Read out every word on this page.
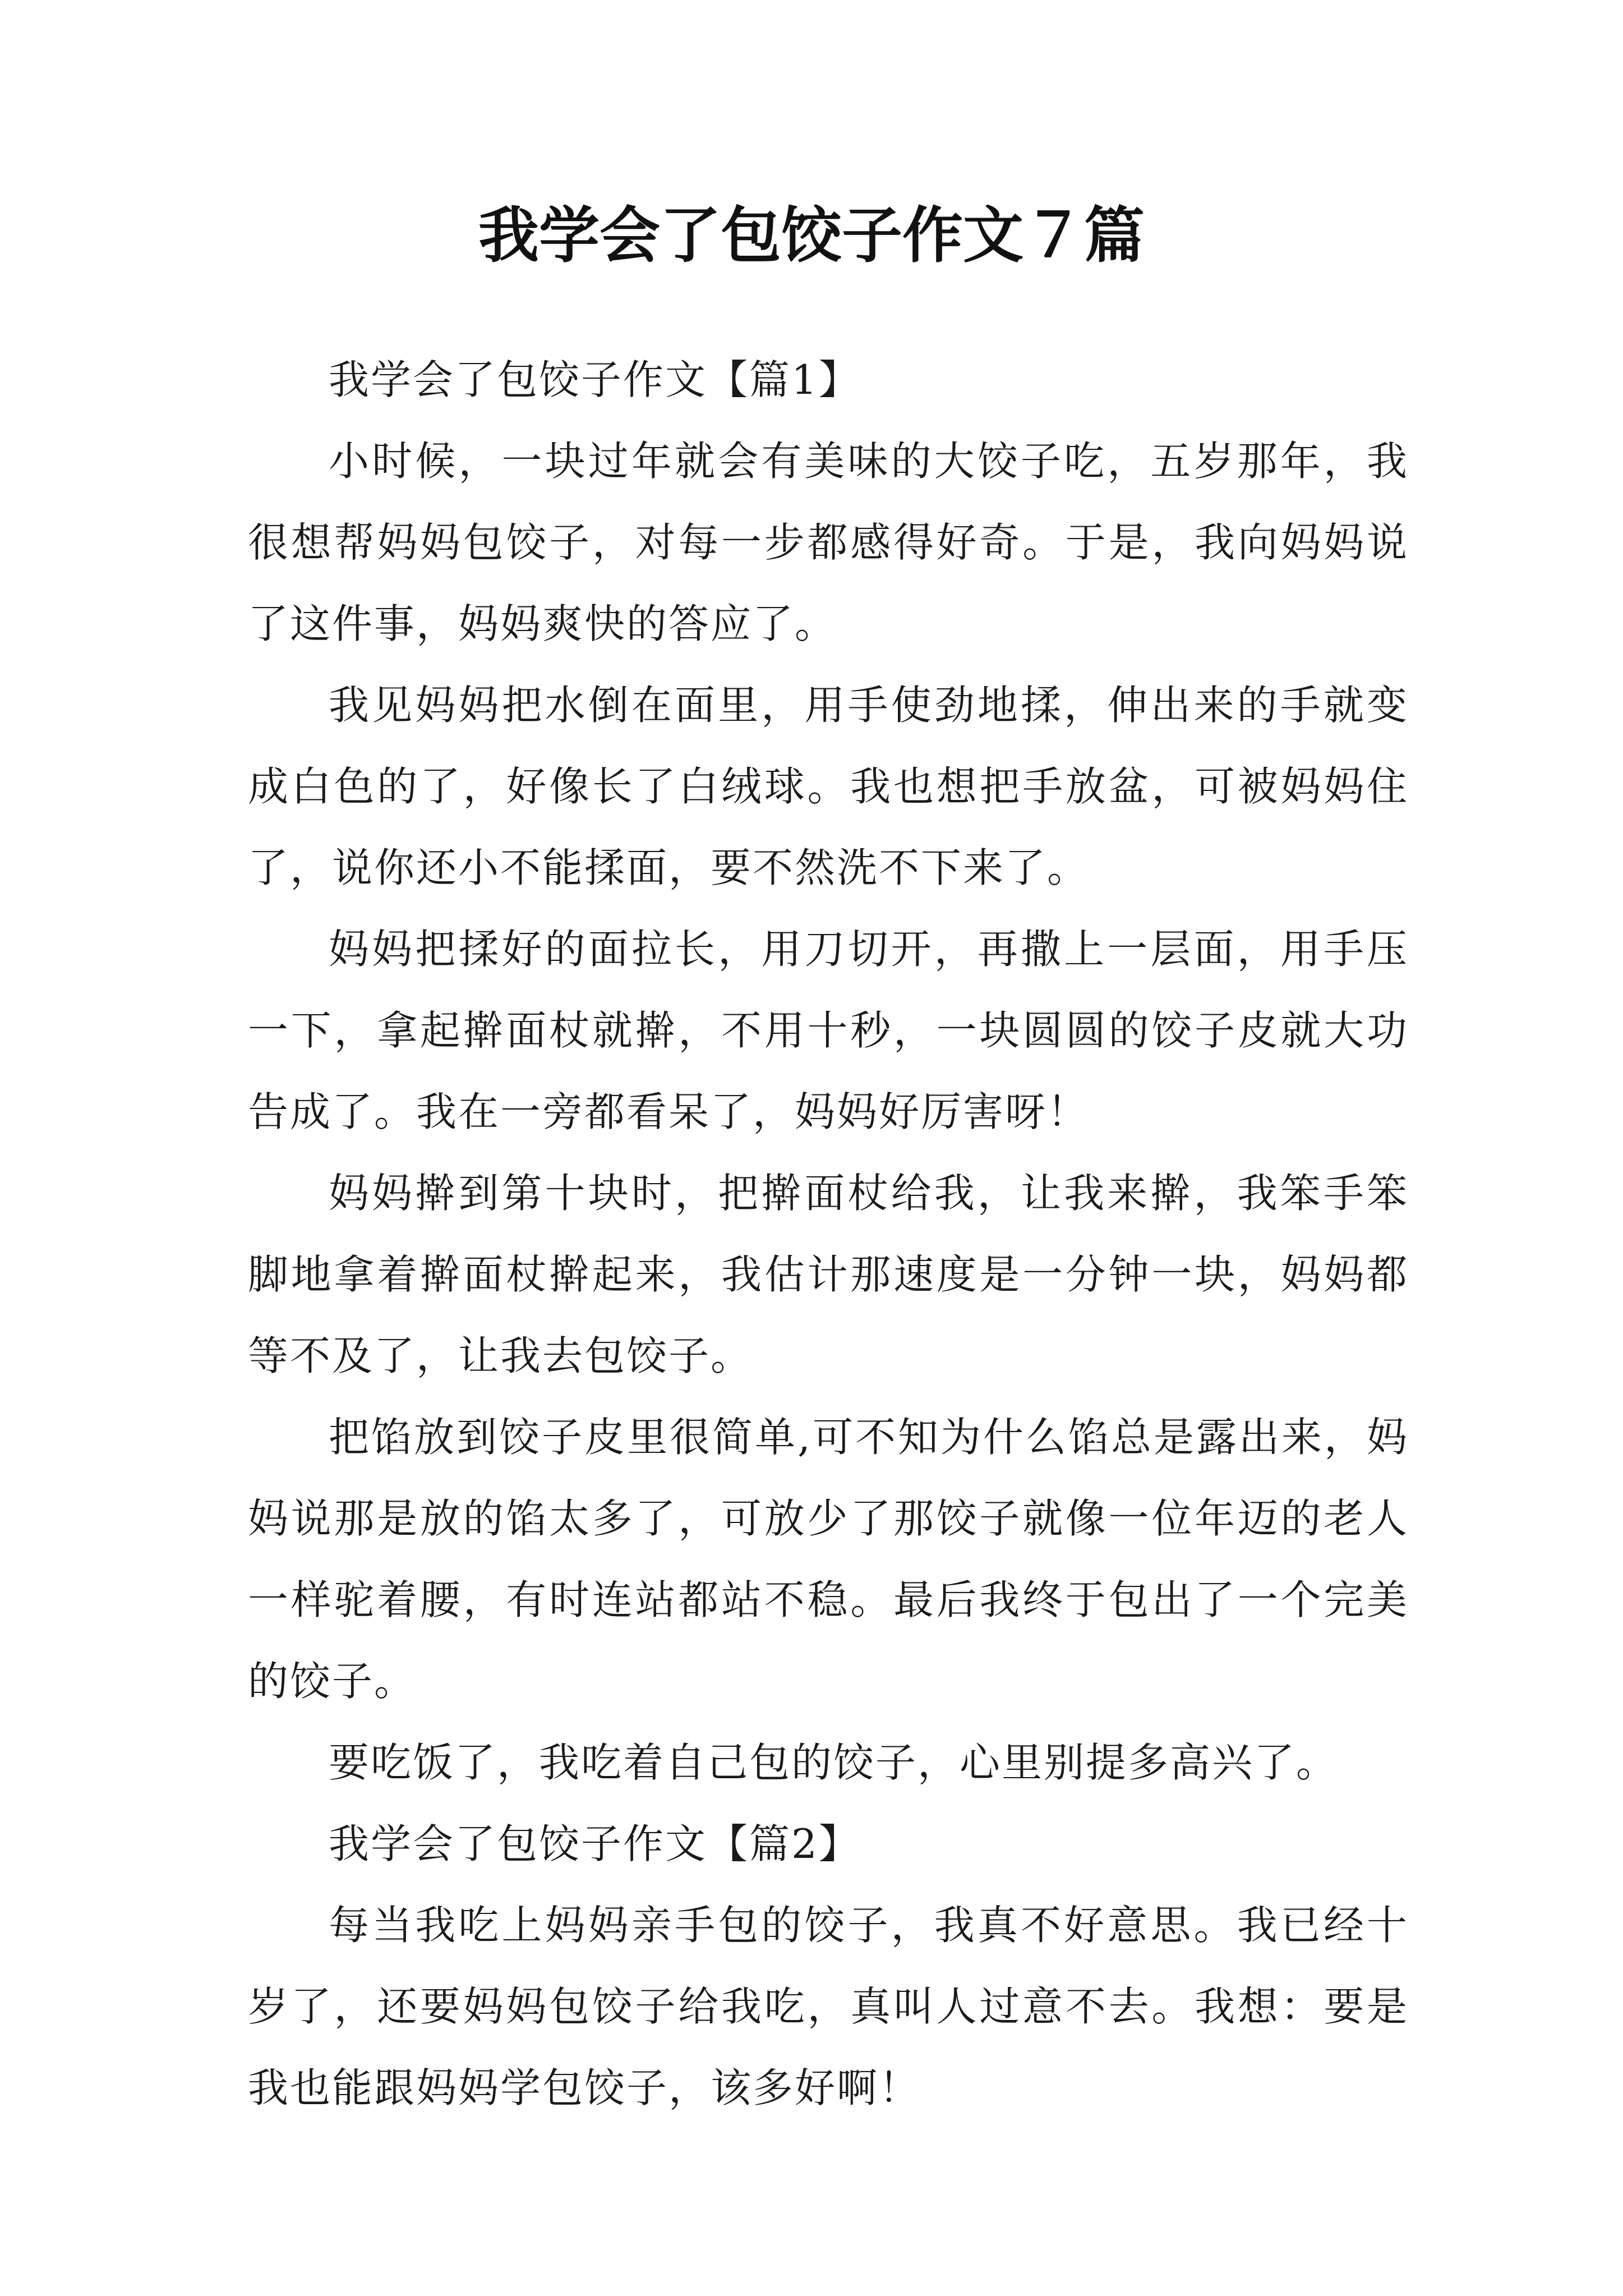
我学会了包饺子作文７篇

我学会了包饺子作文【篇1】

小时候，一块过年就会有美味的大饺子吃，五岁那年，我很想帮妈妈包饺子，对每一步都感得好奇。于是，我向妈妈说了这件事，妈妈爽快的答应了。

我见妈妈把水倒在面里，用手使劲地揉，伸出来的手就变成白色的了，好像长了白绒球。我也想把手放盆，可被妈妈住了，说你还小不能揉面，要不然洗不下来了。

妈妈把揉好的面拉长，用刀切开，再撒上一层面，用手压一下，拿起擀面杖就擀，不用十秒，一块圆圆的饺子皮就大功告成了。我在一旁都看呆了，妈妈好厉害呀！

妈妈擀到第十块时，把擀面杖给我，让我来擀，我笨手笨脚地拿着擀面杖擀起来，我估计那速度是一分钟一块，妈妈都等不及了，让我去包饺子。

把馅放到饺子皮里很简单,可不知为什么馅总是露出来，妈妈说那是放的馅太多了，可放少了那饺子就像一位年迈的老人一样驼着腰，有时连站都站不稳。最后我终于包出了一个完美的饺子。

要吃饭了，我吃着自己包的饺子，心里别提多高兴了。

我学会了包饺子作文【篇2】

每当我吃上妈妈亲手包的饺子，我真不好意思。我已经十岁了，还要妈妈包饺子给我吃，真叫人过意不去。我想：要是我也能跟妈妈学包饺子，该多好啊！
